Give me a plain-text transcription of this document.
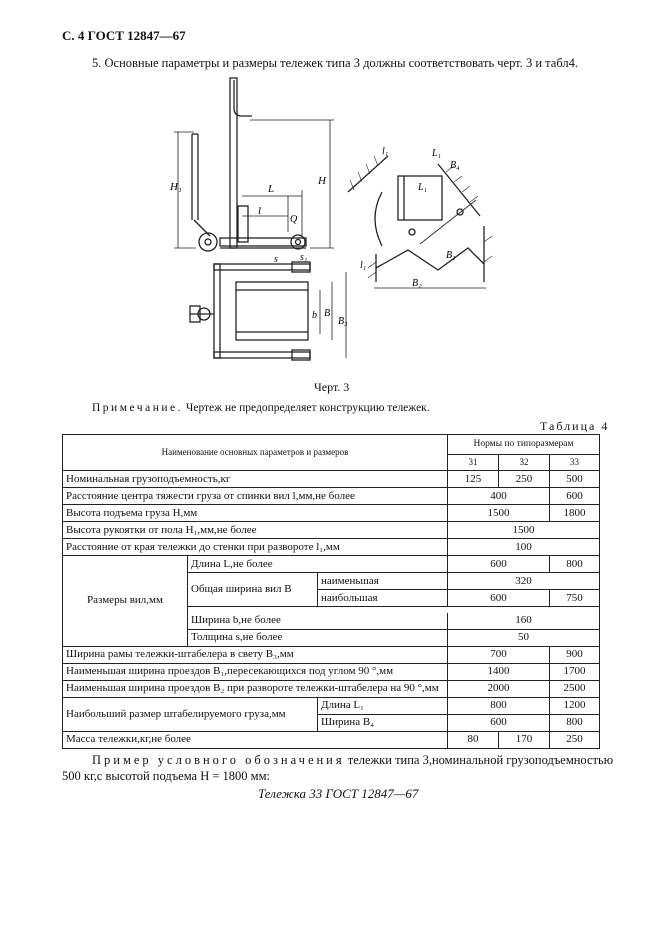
С. 4 ГОСТ 12847—67
5. Основные параметры и размеры тележек типа 3 должны соответствовать черт. 3 и табл4.
H₁	H
L
l
Q
s
b B
B₃
l₁	L₁
L₁
B₄
B₁
B₂
l₁
s₁
Черт. 3
Примечание. Чертеж не предопределяет конструкцию тележек.
Таблица 4
Наименование основных параметров и размеров			Нормы по типоразмерам		
			31	32	33
Номинальная грузоподъемность,кг			125	250	500
Расстояние центра тяжести груза от спинки вил l,мм,не более			400		600
Высота подъема груза H,мм			1500		1800
Высота рукоятки от пола H₁,мм,не более			1500		
Расстояние от края тележки до стенки при развороте l₁,мм			100		
Размеры вил,мм	Длина L,не более		600		800
	Общая ширина вил B	наименьшая	320		
		наибольшая	600		750

	Ширина b,не более		160		
	Толщина s,не более		50		
Ширина рамы тележки-штабелера в свету B₃,мм			700		900
Наименьшая ширина проездов B₁,пересекающихся под углом 90 °,мм			1400		1700
Наименьшая ширина проездов B₂ при развороте тележки-штабелера на 90 °,мм			2000		2500
Наибольший размер штабелируемого груза,мм		Длина L₁	800		1200
		Ширина B₄	600		800
Масса тележки,кг,не более			80	170	250
Пример условного обозначения тележки типа 3,номинальной грузоподъемностью
500 кг,с высотой подъема H = 1800 мм:
Тележка 33 ГОСТ 12847—67
